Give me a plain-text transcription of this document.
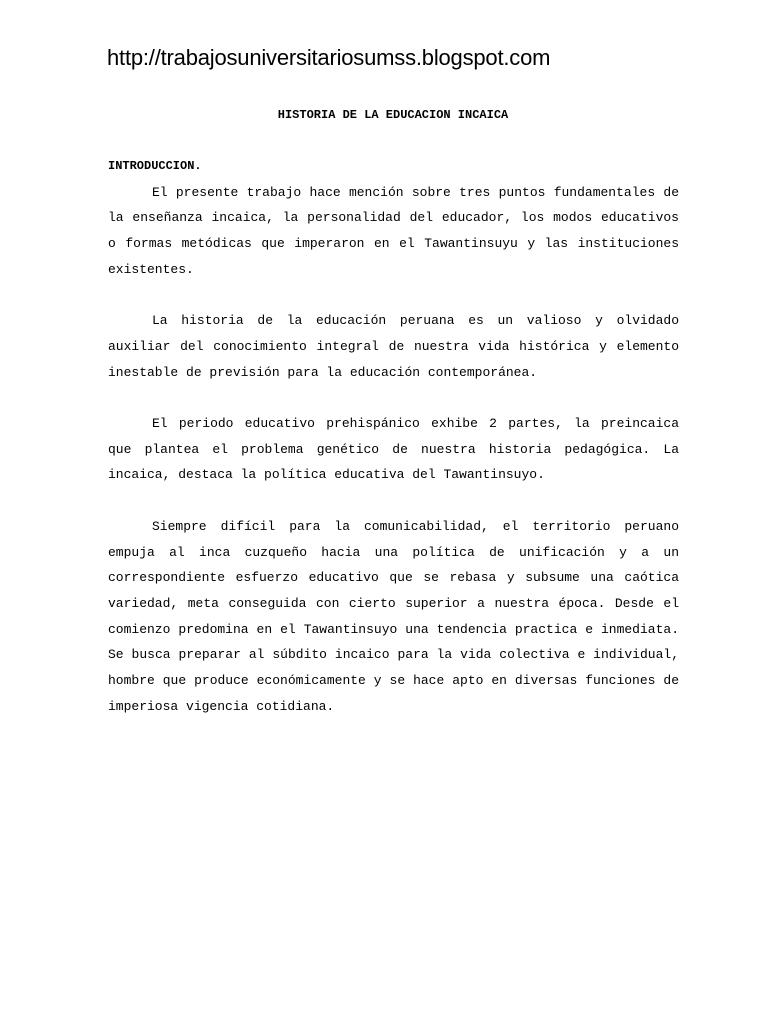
http://trabajosuniversitariosumss.blogspot.com
HISTORIA DE LA EDUCACION INCAICA

INTRODUCCION.

El presente trabajo hace mención sobre tres puntos fundamentales de la enseñanza incaica, la personalidad del educador, los modos educativos o formas metódicas que imperaron en el Tawantinsuyu y las instituciones existentes.

La historia de la educación peruana es un valioso y olvidado auxiliar del conocimiento integral de nuestra vida histórica y elemento inestable de previsión para la educación contemporánea.

El periodo educativo prehispánico exhibe 2 partes, la preincaica que plantea el problema genético de nuestra historia pedagógica. La incaica, destaca la política educativa del Tawantinsuyo.

Siempre difícil para la comunicabilidad, el territorio peruano empuja al inca cuzqueño hacia una política de unificación y a un correspondiente esfuerzo educativo que se rebasa y subsume una caótica variedad, meta conseguida con cierto superior a nuestra época. Desde el comienzo predomina en el Tawantinsuyo una tendencia practica e inmediata. Se busca preparar al súbdito incaico para la vida colectiva e individual, hombre que produce económicamente y se hace apto en diversas funciones de imperiosa vigencia cotidiana.
